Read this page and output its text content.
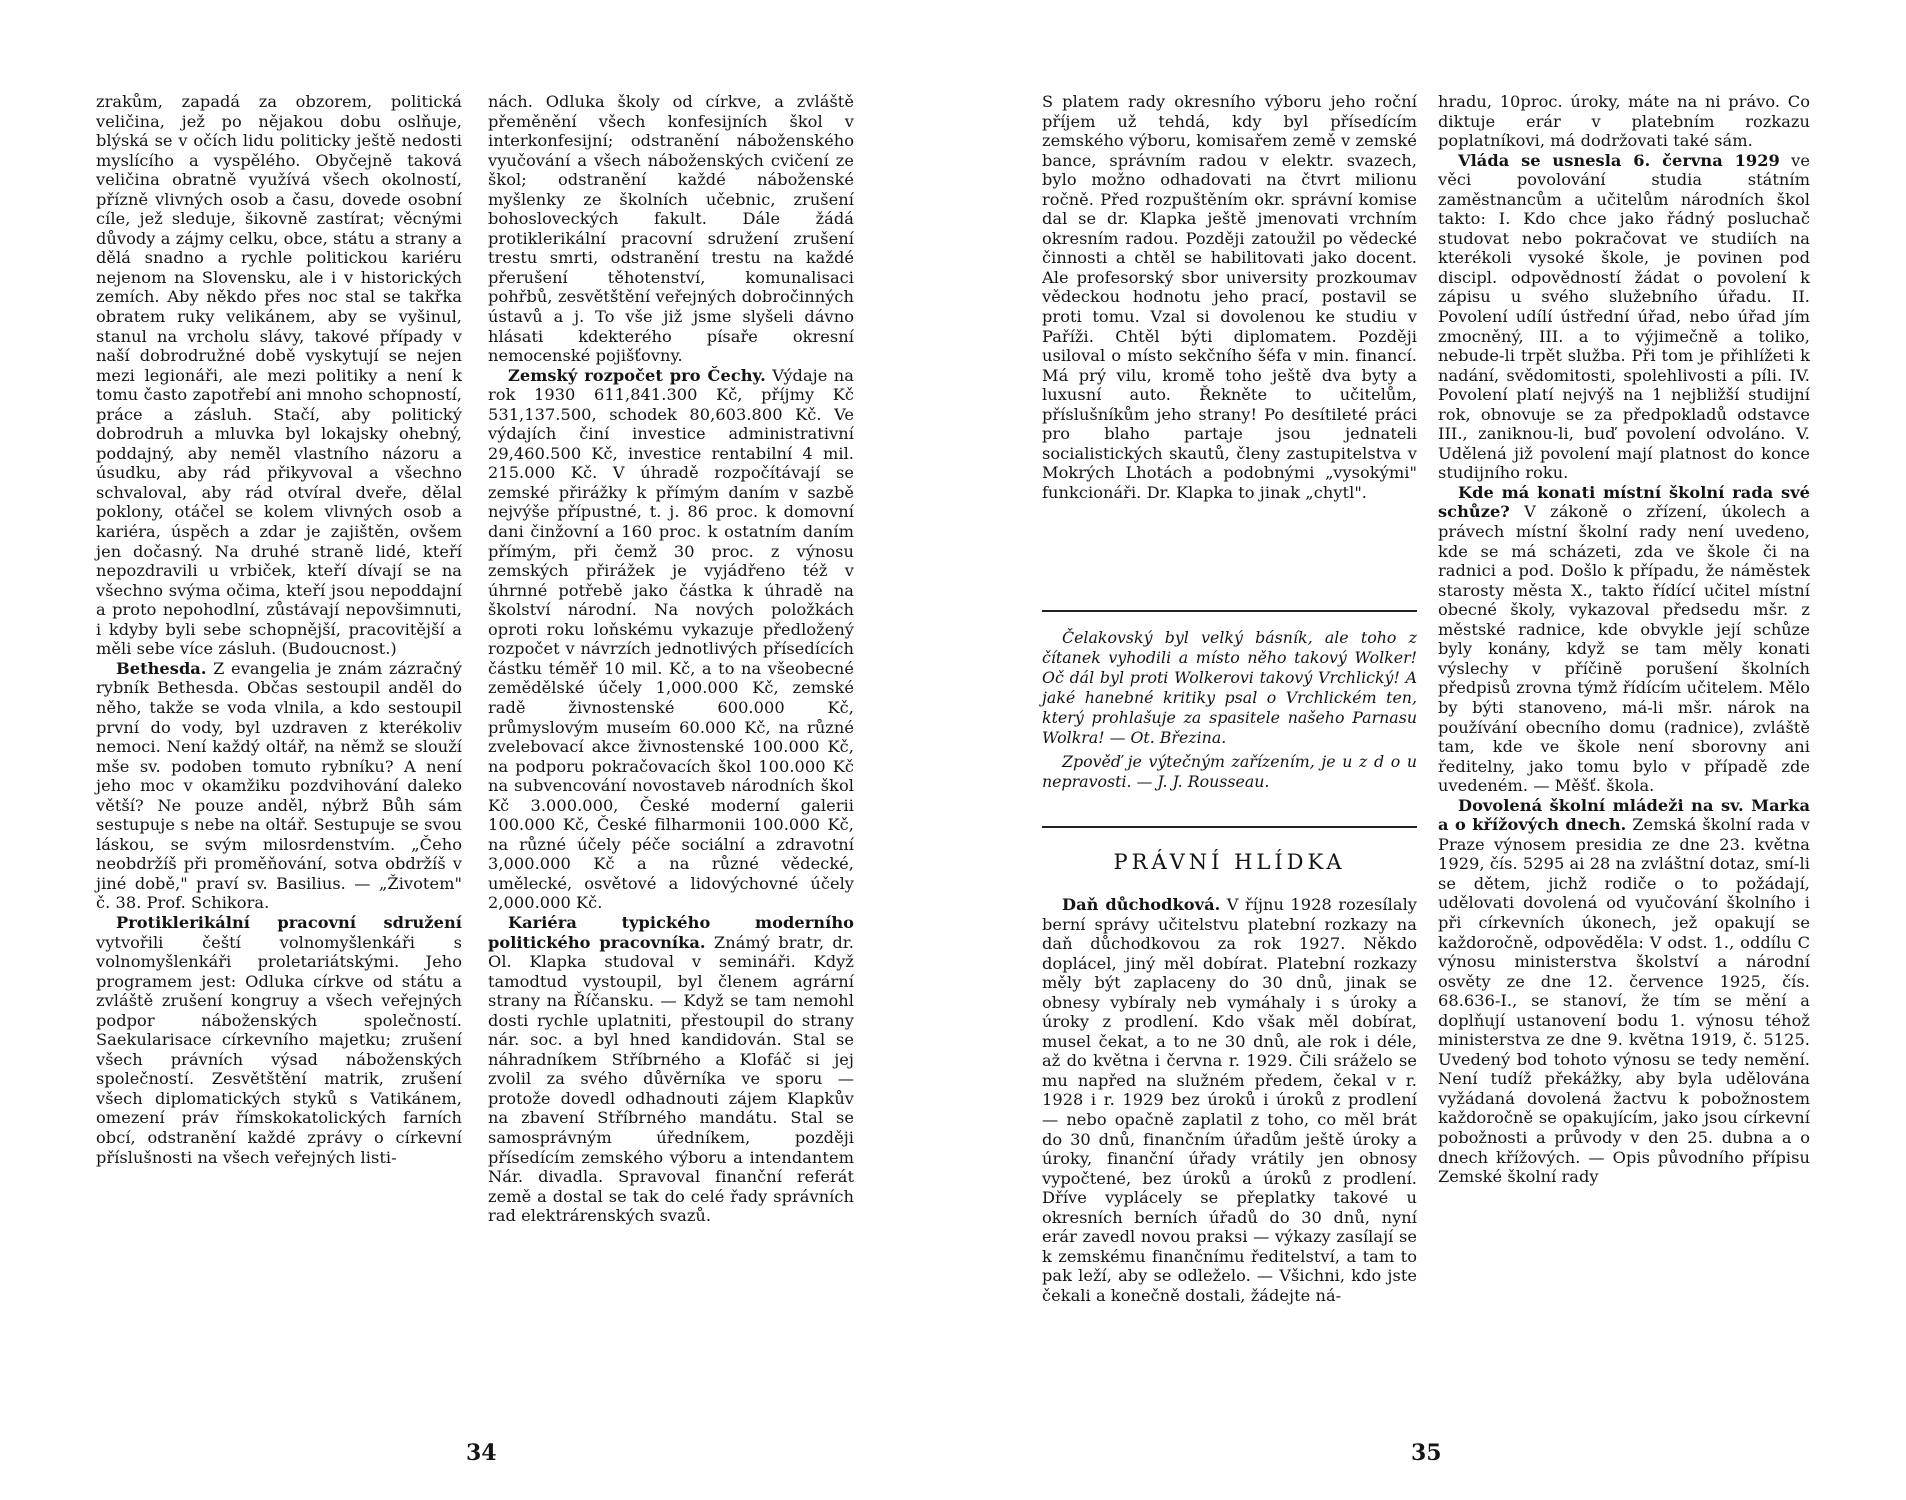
zrakům, zapadá za obzorem, politická veličina, jež po nějakou dobu oslňuje, blýská se v očích lidu politicky ještě nedosti myslícího a vyspělého. Obyčejně taková veličina obratně využívá všech okolností, přízně vlivných osob a času, dovede osobní cíle, jež sleduje, šikovně zastírat; věcnými důvody a zájmy celku, obce, státu a strany a dělá snadno a rychle politickou kariéru nejenom na Slovensku, ale i v historických zemích. Aby někdo přes noc stal se takřka obratem ruky velikánem, aby se vyšinul, stanul na vrcholu slávy, takové případy v naší dobrodružné době vyskytují se nejen mezi legionáři, ale mezi politiky a není k tomu často zapotřebí ani mnoho schopností, práce a zásluh. Stačí, aby politický dobrodruh a mluvka byl lokajsky ohebný, poddajný, aby neměl vlastního názoru a úsudku, aby rád přikyvoval a všechno schvaloval, aby rád otvíral dveře, dělal poklony, otáčel se kolem vlivných osob a kariéra, úspěch a zdar je zajištěn, ovšem jen dočasný. Na druhé straně lidé, kteří nepozdravili u vrbiček, kteří dívají se na všechno svýma očima, kteří jsou nepoddajní a proto nepohodlní, zůstávají nepovšimnuti, i kdyby byli sebe schopnější, pracovitější a měli sebe více zásluh. (Budoucnost.)

Bethesda. Z evangelia je znám zázračný rybník Bethesda. Občas sestoupil anděl do něho, takže se voda vlnila, a kdo sestoupil první do vody, byl uzdraven z kterékoliv nemoci. Není každý oltář, na němž se slouží mše sv. podoben tomuto rybníku? A není jeho moc v okamžiku pozdvihování daleko větší? Ne pouze anděl, nýbrž Bůh sám sestupuje s nebe na oltář. Sestupuje se svou láskou, se svým milosrdenstvím. „Čeho neobdržíš při proměňování, sotva obdržíš v jiné době," praví sv. Basilius. — „Životem" č. 38. Prof. Schikora.

Protiklerikální pracovní sdružení vytvořili čeští volnomyšlenkáři s volnomyšlenkáři proletariátskými. Jeho programem jest: Odluka církve od státu a zvláště zrušení kongruy a všech veřejných podpor náboženských společností. Saekularisace církevního majetku; zrušení všech právních výsad náboženských společností. Zesvětštění matrik, zrušení všech diplomatických styků s Vatikánem, omezení práv římskokatolických farních obcí, odstranění každé zprávy o církevní příslušnosti na všech veřejných listi-

nách. Odluka školy od církve, a zvláště přeměnění všech konfesijních škol v interkonfesijní; odstranění náboženského vyučování a všech náboženských cvičení ze škol; odstranění každé náboženské myšlenky ze školních učebnic, zrušení bohosloveckých fakult. Dále žádá protiklerikální pracovní sdružení zrušení trestu smrti, odstranění trestu na každé přerušení těhotenství, komunalisaci pohřbů, zesvětštění veřejných dobročinných ústavů a j. To vše již jsme slyšeli dávno hlásati kdekterého písaře okresní nemocenské pojišťovny.

Zemský rozpočet pro Čechy. Výdaje na rok 1930 611,841.300 Kč, příjmy Kč 531,137.500, schodek 80,603.800 Kč. Ve výdajích činí investice administrativní 29,460.500 Kč, investice rentabilní 4 mil. 215.000 Kč. V úhradě rozpočítávají se zemské přirážky k přímým daním v sazbě nejvýše přípustné, t. j. 86 proc. k domovní dani činžovní a 160 proc. k ostatním daním přímým, při čemž 30 proc. z výnosu zemských přirážek je vyjádřeno též v úhrnné potřebě jako částka k úhradě na školství národní. Na nových položkách oproti roku loňskému vykazuje předložený rozpočet v návrzích jednotlivých přísedících částku téměř 10 mil. Kč, a to na všeobecné zemědělské účely 1,000.000 Kč, zemské radě živnostenské 600.000 Kč, průmyslovým museím 60.000 Kč, na různé zvelebovací akce živnostenské 100.000 Kč, na podporu pokračovacích škol 100.000 Kč na subvencování novostaveb národních škol Kč 3.000.000, České moderní galerii 100.000 Kč, České filharmonii 100.000 Kč, na různé účely péče sociální a zdravotní 3,000.000 Kč a na různé vědecké, umělecké, osvětové a lidovýchovné účely 2,000.000 Kč.

Kariéra typického moderního politického pracovníka. Známý bratr, dr. Ol. Klapka studoval v semináři. Když tamodtud vystoupil, byl členem agrární strany na Říčansku. — Když se tam nemohl dosti rychle uplatniti, přestoupil do strany nár. soc. a byl hned kandidován. Stal se náhradníkem Stříbrného a Klofáč si jej zvolil za svého důvěrníka ve sporu — protože dovedl odhadnouti zájem Klapkův na zbavení Stříbrného mandátu. Stal se samosprávným úředníkem, později přísedícím zemského výboru a intendantem Nár. divadla. Spravoval finanční referát země a dostal se tak do celé řady správních rad elektrárenských svazů.

34

S platem rady okresního výboru jeho roční příjem už tehdá, kdy byl přísedícím zemského výboru, komisařem země v zemské bance, správním radou v elektr. svazech, bylo možno odhadovati na čtvrt milionu ročně. Před rozpuštěním okr. správní komise dal se dr. Klapka ještě jmenovati vrchním okresním radou. Později zatoužil po vědecké činnosti a chtěl se habilitovati jako docent. Ale profesorský sbor university prozkoumav vědeckou hodnotu jeho prací, postavil se proti tomu. Vzal si dovolenou ke studiu v Paříži. Chtěl býti diplomatem. Později usiloval o místo sekčního šéfa v min. financí. Má prý vilu, kromě toho ještě dva byty a luxusní auto. Řekněte to učitelům, příslušníkům jeho strany! Po desítileté práci pro blaho partaje jsou jednateli socialistických skautů, členy zastupitelstva v Mokrých Lhotách a podobnými „vysokými" funkcionáři. Dr. Klapka to jinak „chytl".

Čelakovský byl velký básník, ale toho z čítanek vyhodili a místo něho takový Wolker! Oč dál byl proti Wolkerovi takový Vrchlický! A jaké hanebné kritiky psal o Vrchlickém ten, který prohlašuje za spasitele našeho Parnasu Wolkra! — Ot. Březina.

Zpověď je výtečným zařízením, je u z d o u nepravosti. — J. J. Rousseau.

PRÁVNÍ HLÍDKA

Daň důchodková. V říjnu 1928 rozesílaly berní správy učitelstvu platební rozkazy na daň důchodkovou za rok 1927. Někdo doplácel, jiný měl dobírat. Platební rozkazy měly být zaplaceny do 30 dnů, jinak se obnesy vybíraly neb vymáhaly i s úroky a úroky z prodlení. Kdo však měl dobírat, musel čekat, a to ne 30 dnů, ale rok i déle, až do května i června r. 1929. Čili sráželo se mu napřed na služném předem, čekal v r. 1928 i r. 1929 bez úroků i úroků z prodlení — nebo opačně zaplatil z toho, co měl brát do 30 dnů, finančním úřadům ještě úroky a úroky, finanční úřady vrátily jen obnosy vypočtené, bez úroků a úroků z prodlení. Dříve vyplácely se přeplatky takové u okresních berních úřadů do 30 dnů, nyní erár zavedl novou praksi — výkazy zasílají se k zemskému finančnímu ředitelství, a tam to pak leží, aby se odleželo. — Všichni, kdo jste čekali a konečně dostali, žádejte ná-

hradu, 10proc. úroky, máte na ni právo. Co diktuje erár v platebním rozkazu poplatníkovi, má dodržovati také sám.

Vláda se usnesla 6. června 1929 ve věci povolování studia státním zaměstnancům a učitelům národních škol takto: I. Kdo chce jako řádný posluchač studovat nebo pokračovat ve studiích na kterékoli vysoké škole, je povinen pod discipl. odpovědností žádat o povolení k zápisu u svého služebního úřadu. II. Povolení udílí ústřední úřad, nebo úřad jím zmocněný, III. a to výjimečně a toliko, nebude-li trpět služba. Při tom je přihlížeti k nadání, svědomitosti, spolehlivosti a píli. IV. Povolení platí nejvýš na 1 nejbližší studijní rok, obnovuje se za předpokladů odstavce III., zaniknou-li, buď povolení odvoláno. V. Udělená již povolení mají platnost do konce studijního roku.

Kde má konati místní školní rada své schůze? V zákoně o zřízení, úkolech a právech místní školní rady není uvedeno, kde se má scházeti, zda ve škole či na radnici a pod. Došlo k případu, že náměstek starosty města X., takto řídící učitel místní obecné školy, vykazoval předsedu mšr. z městské radnice, kde obvykle její schůze byly konány, když se tam měly konati výslechy v příčině porušení školních předpisů zrovna týmž řídícím učitelem. Mělo by býti stanoveno, má-li mšr. nárok na používání obecního domu (radnice), zvláště tam, kde ve škole není sborovny ani ředitelny, jako tomu bylo v případě zde uvedeném. — Měšť. škola.

Dovolená školní mládeži na sv. Marka a o křížových dnech. Zemská školní rada v Praze výnosem presidia ze dne 23. května 1929, čís. 5295 ai 28 na zvláštní dotaz, smí-li se dětem, jichž rodiče o to požádají, udělovati dovolená od vyučování školního i při církevních úkonech, jež opakují se každoročně, odpověděla: V odst. 1., oddílu C výnosu ministerstva školství a národní osvěty ze dne 12. července 1925, čís. 68.636-I., se stanoví, že tím se mění a doplňují ustanovení bodu 1. výnosu téhož ministerstva ze dne 9. května 1919, č. 5125. Uvedený bod tohoto výnosu se tedy nemění. Není tudíž překážky, aby byla udělována vyžádaná dovolená žactvu k pobožnostem každoročně se opakujícím, jako jsou církevní pobožnosti a průvody v den 25. dubna a o dnech křížových. — Opis původního přípisu Zemské školní rady

35
